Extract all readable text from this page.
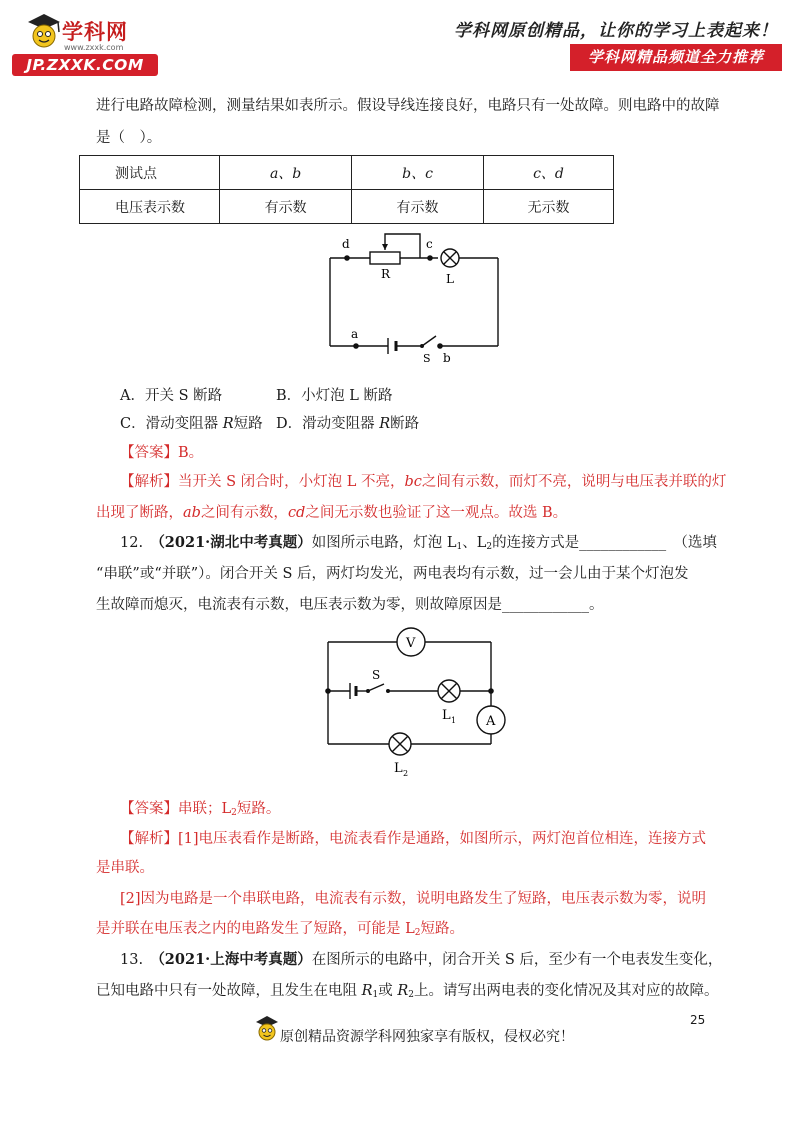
学科网
www.zxxk.com
JP.ZXXK.COM
学科网原创精品，让你的学习上表起来！
学科网精品频道全力推荐
进行电路故障检测，测量结果如表所示。假设导线连接良好，电路只有一处故障。则电路中的故障
是（　）。
测试点	a、b	b、c	c、d
电压表示数	有示数	有示数	无示数
d	c
R	L
a
S b
A．开关 S 断路	B．小灯泡 L 断路
C．滑动变阻器 R短路 D．滑动变阻器 R断路
【答案】B。
【解析】当开关 S 闭合时，小灯泡 L 不亮，bc之间有示数，而灯不亮，说明与电压表并联的灯
出现了断路，ab之间有示数，cd之间无示数也验证了这一观点。故选 B。
12.　 （2021·湖北中考真题）如图所示电路，灯泡 $L_1$、$L_2$的连接方式是____________　（选填
“串联”或“并联”）。闭合开关 S 后，两灯均发光，两电表均有示数，过一会儿由于某个灯泡发
生故障而熄灭，电流表有示数，电压表示数为零，则故障原因是____________。
V
S
L 1 A
L 2
【答案】串联；$L_2$短路。
【解析】[1]电压表看作是断路，电流表看作是通路，如图所示，两灯泡首位相连，连接方式
是串联。
[2]因为电路是一个串联电路，电流表有示数，说明电路发生了短路，电压表示数为零，说明
是并联在电压表之内的电路发生了短路，可能是 $L_2$短路。
13.　 （2021·上海中考真题）在图所示的电路中，闭合开关 S 后，至少有一个电表发生变化，
已知电路中只有一处故障，且发生在电阻 $R_1$或 $R_2$上。请写出两电表的变化情况及其对应的故障。
25
原创精品资源学科网独家享有版权，侵权必究！
